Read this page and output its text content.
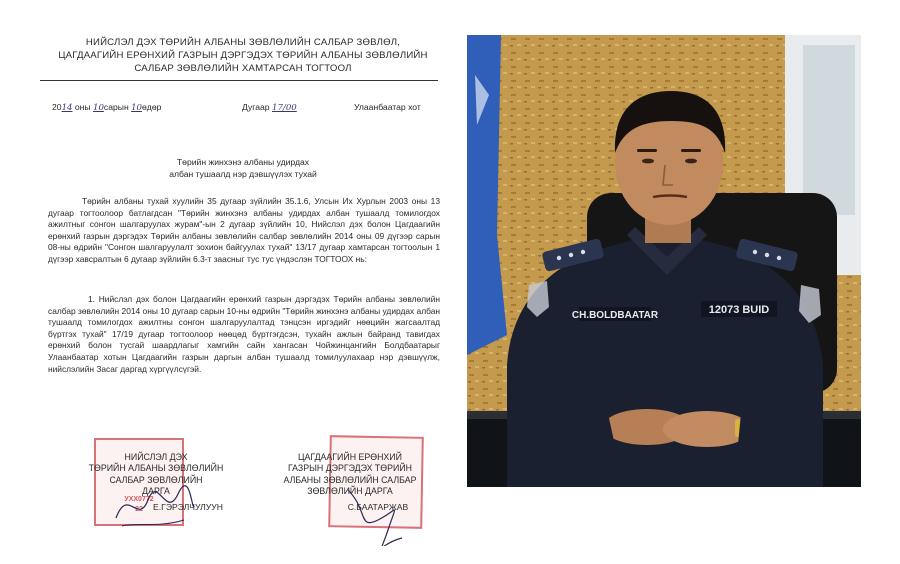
НИЙСЛЭЛ ДЭХ ТӨРИЙН АЛБАНЫ ЗӨВЛӨЛИЙН САЛБАР ЗӨВЛӨЛ,
ЦАГДААГИЙН ЕРӨНХИЙ ГАЗРЫН ДЭРГЭДЭХ ТӨРИЙН АЛБАНЫ ЗӨВЛӨЛИЙН
САЛБАР ЗӨВЛӨЛИЙН ХАМТАРСАН ТОГТООЛ
2014 оны 10сарын 10өдөр	Дугаар 17/00	Улаанбаатар хот
Төрийн жинхэнэ албаны удирдах
албан тушаалд нэр дэвшүүлэх тухай
Төрийн албаны тухай хуулийн 35 дугаар зүйлийн 35.1.6, Улсын Их Хурлын 2003 оны 13 дугаар тогтоолоор батлагдсан "Төрийн жинхэнэ албаны удирдах албан тушаалд томилогдох ажилтныг сонгон шалгаруулах журам"-ын 2 дугаар зүйлийн 10, Нийслэл дэх болон Цагдаагийн ерөнхий газрын дэргэдэх Төрийн албаны зөвлөлийн салбар зөвлөлийн 2014 оны 09 дүгээр сарын 08-ны өдрийн "Сонгон шалгаруулалт зохион байгуулах тухай" 13/17 дугаар хамтарсан тогтоолын 1 дүгээр хавсралтын 6 дугаар зүйлийн 6.3-т заасныг тус тус үндэслэн ТОГТООХ нь:
1. Нийслэл дэх болон Цагдаагийн ерөнхий газрын дэргэдэх Төрийн албаны зөвлөлийн салбар зөвлөлийн 2014 оны 10 дугаар сарын 10-ны өдрийн "Төрийн жинхэнэ албаны удирдах албан тушаалд томилогдох ажилтны сонгон шалгаруулалтад тэнцсэн иргэдийг нөөцийн жагсаалтад бүртгэх тухай" 17/19 дугаар тогтоолоор нөөцөд бүртгэгдсэн, тухайн ажлын байранд тавигдах ерөнхий болон тусгай шаардлагыг хамгийн сайн хангасан Чойжинцангийн Болдбаатарыг Улаанбаатар хотын Цагдаагийн газрын даргын албан тушаалд томилуулахаар нэр дэвшүүлж, нийслэлийн Засаг даргад хүргүүлсүгэй.
УХХ0772
22
НИЙСЛЭЛ ДЭХ
ТӨРИЙН АЛБАНЫ ЗӨВЛӨЛИЙН
САЛБАР ЗӨВЛӨЛИЙН
ДАРГА
Е.ГЭРЭЛЧУЛУУН
ЦАГДААГИЙН ЕРӨНХИЙ
ГАЗРЫН ДЭРГЭДЭХ ТӨРИЙН
АЛБАНЫ ЗӨВЛӨЛИЙН САЛБАР
ЗӨВЛӨЛИЙН ДАРГА
С.БААТАРЖАВ
CH.BOLDBAATAR	12073 BUID
